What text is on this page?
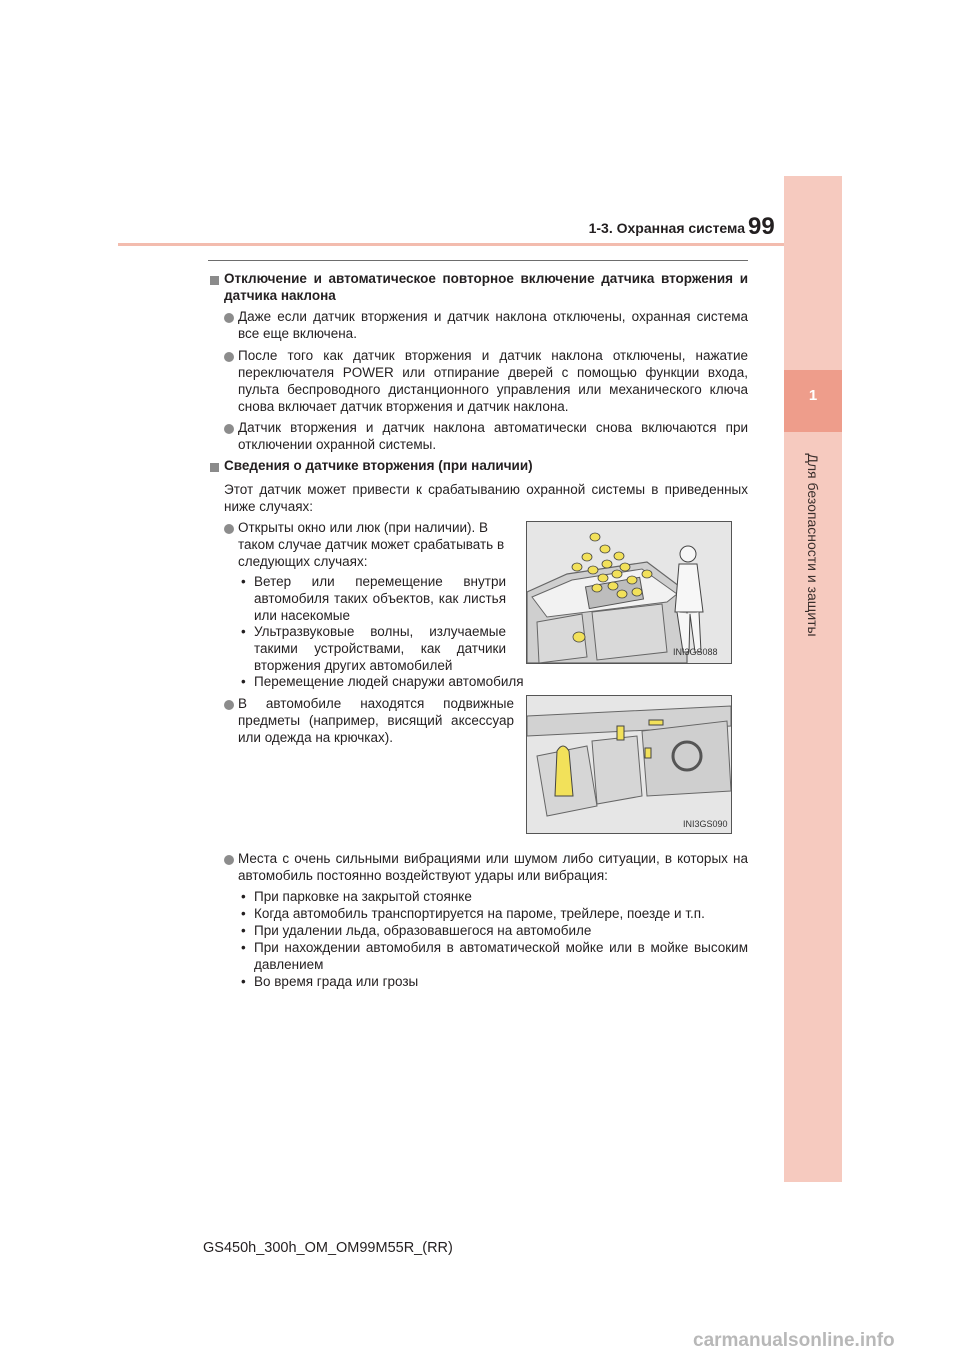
1
Для безопасности и защиты
1-3. Охранная система 99
Отключение и автоматическое повторное включение датчика вторжения и датчика наклона
Даже если датчик вторжения и датчик наклона отключены, охранная система все еще включена.
После того как датчик вторжения и датчик наклона отключены, нажатие переключателя POWER или отпирание дверей с помощью функции входа, пульта беспроводного дистанционного управления или механического ключа снова включает датчик вторжения и датчик наклона.
Датчик вторжения и датчик наклона автоматически снова включаются при отключении охранной системы.
Сведения о датчике вторжения (при наличии)
Этот датчик может привести к срабатыванию охранной системы в приведенных ниже случаях:
Открыты окно или люк (при наличии). В таком случае датчик может срабатывать в следующих случаях:
• Ветер или перемещение внутри автомобиля таких объектов, как листья или насекомые
• Ультразвуковые волны, излучаемые такими устройствами, как датчики вторжения других автомобилей
• Перемещение людей снаружи автомобиля
INI3GS088
В автомобиле находятся подвижные предметы (например, висящий аксессуар или одежда на крючках).
INI3GS090
Места с очень сильными вибрациями или шумом либо ситуации, в которых на автомобиль постоянно воздействуют удары или вибрация:
• При парковке на закрытой стоянке
• Когда автомобиль транспортируется на пароме, трейлере, поезде и т.п.
• При удалении льда, образовавшегося на автомобиле
• При нахождении автомобиля в автоматической мойке или в мойке высоким давлением
• Во время града или грозы
GS450h_300h_OM_OM99M55R_(RR)
carmanualsonline.info
